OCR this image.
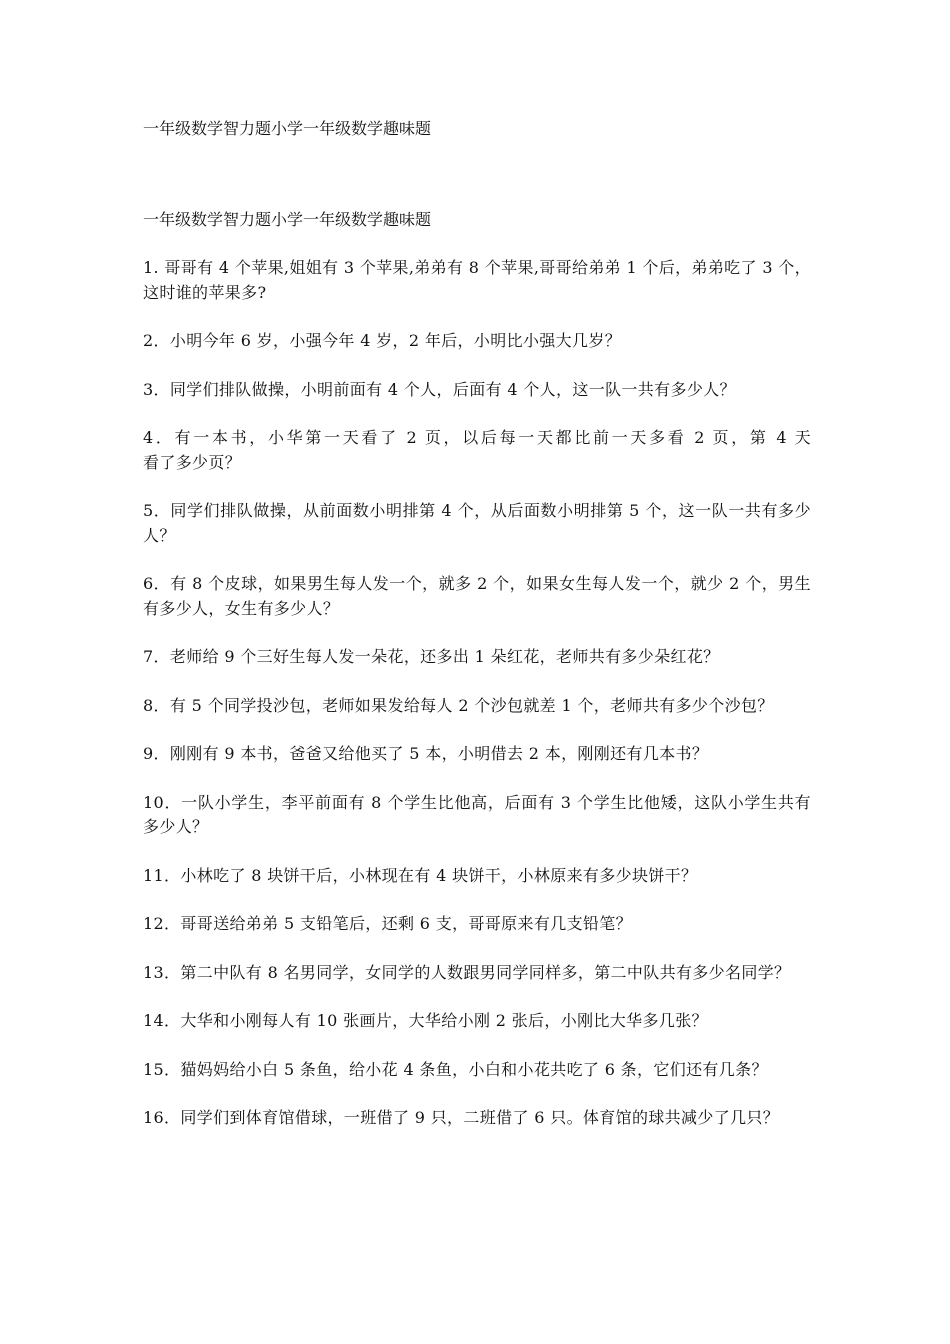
一年级数学智力题小学一年级数学趣味题
一年级数学智力题小学一年级数学趣味题
1. 哥哥有 4 个苹果,姐姐有 3 个苹果,弟弟有 8 个苹果,哥哥给弟弟 1 个后，弟弟吃了 3 个，这时谁的苹果多?
2．小明今年 6 岁，小强今年 4 岁，2 年后，小明比小强大几岁？
3．同学们排队做操，小明前面有 4 个人，后面有 4 个人，这一队一共有多少人？
4．有一本书，小华第一天看了 2 页，以后每一天都比前一天多看 2 页，第 4 天                     看了多少页？
5．同学们排队做操，从前面数小明排第 4 个，从后面数小明排第 5 个，这一队一共有多少人？
6．有 8 个皮球，如果男生每人发一个，就多 2 个，如果女生每人发一个，就少 2 个，男生有多少人，女生有多少人？
7．老师给 9 个三好生每人发一朵花，还多出 1 朵红花，老师共有多少朵红花？
8．有 5 个同学投沙包，老师如果发给每人 2 个沙包就差 1 个，老师共有多少个沙包？
9．刚刚有 9 本书，爸爸又给他买了 5 本，小明借去 2 本，刚刚还有几本书？
10．一队小学生，李平前面有 8 个学生比他高，后面有 3 个学生比他矮，这队小学生共有多少人？
11．小林吃了 8 块饼干后，小林现在有 4 块饼干，小林原来有多少块饼干？
12．哥哥送给弟弟 5 支铅笔后，还剩 6 支，哥哥原来有几支铅笔？
13．第二中队有 8 名男同学，女同学的人数跟男同学同样多，第二中队共有多少名同学？
14．大华和小刚每人有 10 张画片，大华给小刚 2 张后，小刚比大华多几张？
15．猫妈妈给小白 5 条鱼，给小花 4 条鱼，小白和小花共吃了 6 条，它们还有几条？
16．同学们到体育馆借球，一班借了 9 只，二班借了 6 只。体育馆的球共减少了几只？
